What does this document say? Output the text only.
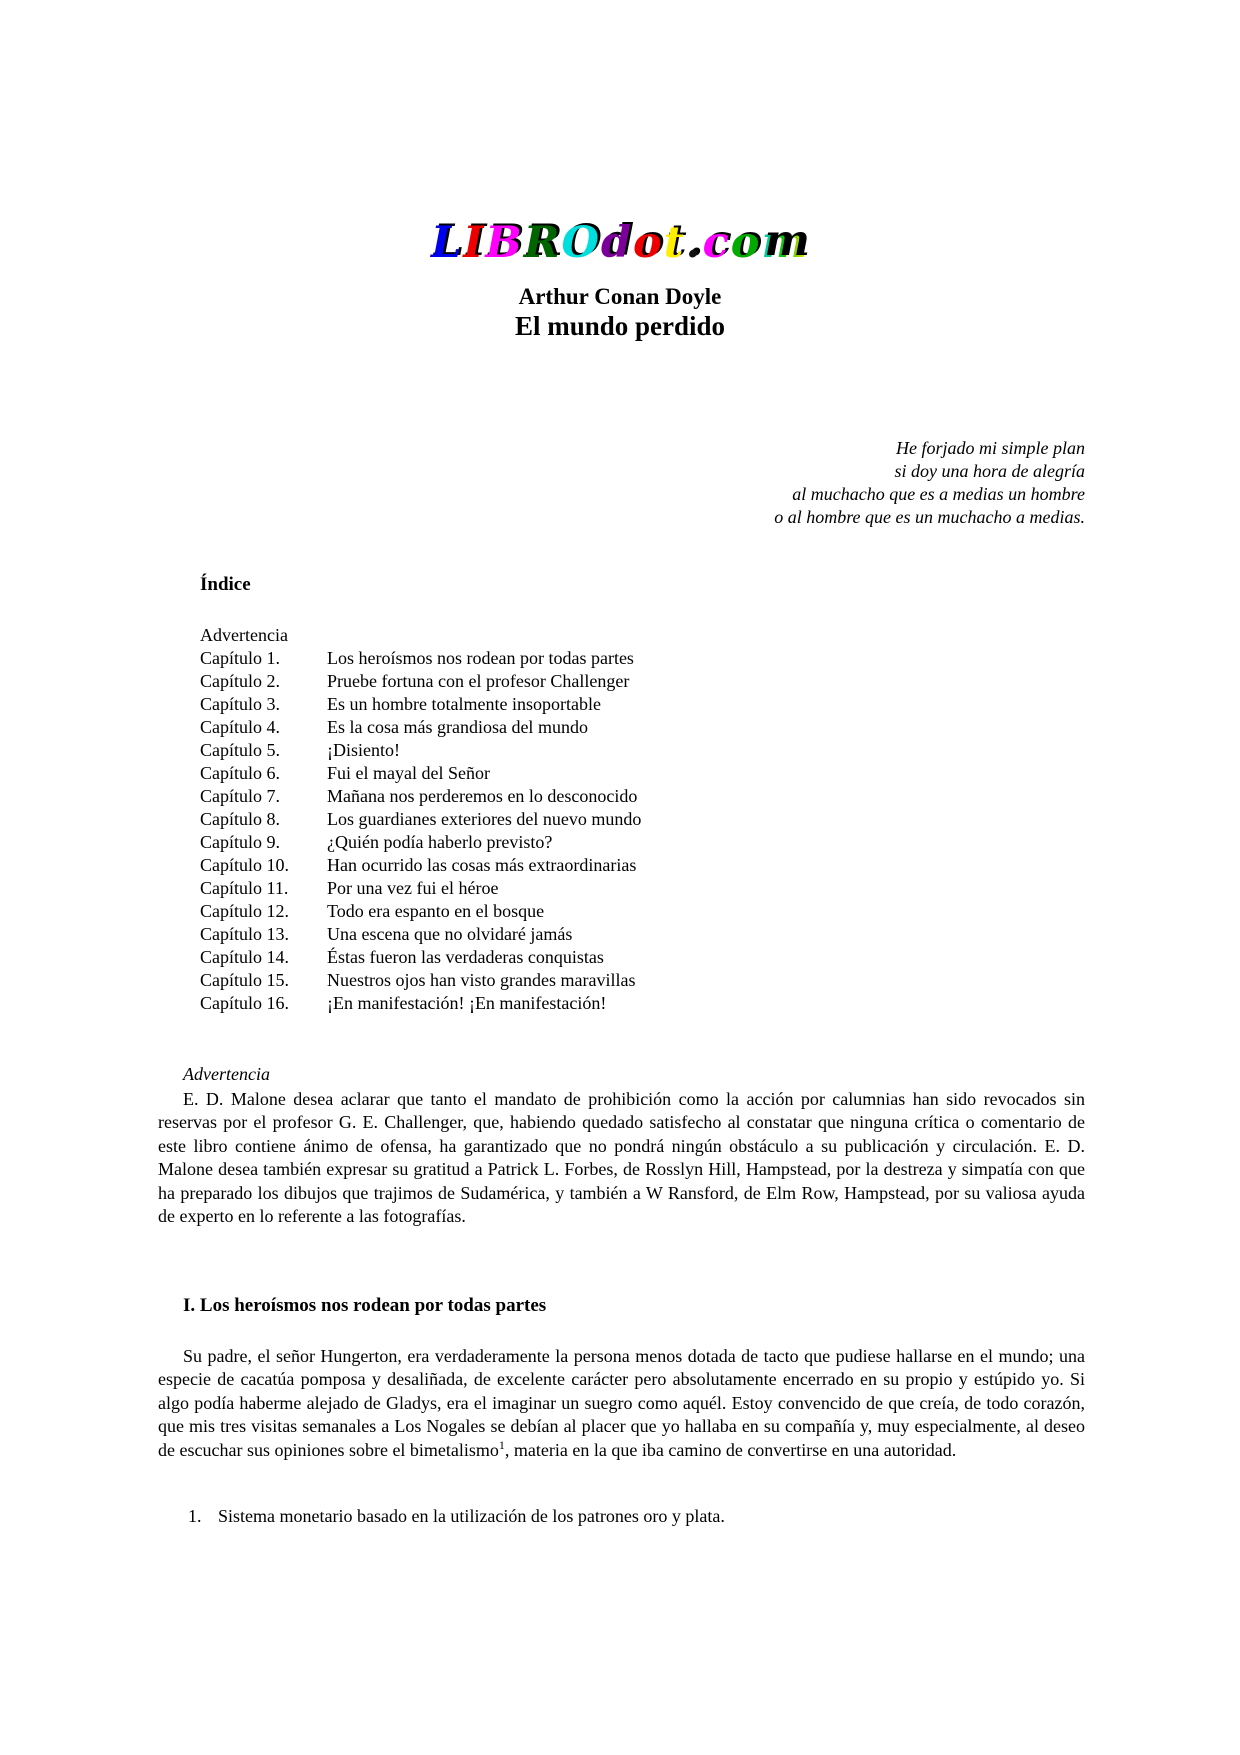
LIBROdot.com
Arthur Conan Doyle
El mundo perdido
He forjado mi simple plan
si doy una hora de alegría
al muchacho que es a medias un hombre
o al hombre que es un muchacho a medias.
Índice
Advertencia
Capítulo 1.	Los heroísmos nos rodean por todas partes
Capítulo 2.	Pruebe fortuna con el profesor Challenger
Capítulo 3.	Es un hombre totalmente insoportable
Capítulo 4.	Es la cosa más grandiosa del mundo
Capítulo 5.	¡Disiento!
Capítulo 6.	Fui el mayal del Señor
Capítulo 7.	Mañana nos perderemos en lo desconocido
Capítulo 8.	Los guardianes exteriores del nuevo mundo
Capítulo 9.	¿Quién podía haberlo previsto?
Capítulo 10. Han ocurrido las cosas más extraordinarias
Capítulo 11. Por una vez fui el héroe
Capítulo 12. Todo era espanto en el bosque
Capítulo 13. Una escena que no olvidaré jamás
Capítulo 14. Éstas fueron las verdaderas conquistas
Capítulo 15. Nuestros ojos han visto grandes maravillas
Capítulo 16. ¡En manifestación! ¡En manifestación!
Advertencia
E. D. Malone desea aclarar que tanto el mandato de prohibición como la acción por calumnias han sido revocados sin reservas por el profesor G. E. Challenger, que, habiendo quedado satisfecho al constatar que ninguna crítica o comentario de este libro contiene ánimo de ofensa, ha garantizado que no pondrá ningún obstáculo a su publicación y circulación. E. D. Malone desea también expresar su gratitud a Patrick L. Forbes, de Rosslyn Hill, Hampstead, por la destreza y simpatía con que ha preparado los dibujos que trajimos de Sudamérica, y también a W Ransford, de Elm Row, Hampstead, por su valiosa ayuda de experto en lo referente a las fotografías.
I. Los heroísmos nos rodean por todas partes
Su padre, el señor Hungerton, era verdaderamente la persona menos dotada de tacto que pudiese hallarse en el mundo; una especie de cacatúa pomposa y desaliñada, de excelente carácter pero absolutamente encerrado en su propio y estúpido yo. Si algo podía haberme alejado de Gladys, era el imaginar un suegro como aquél. Estoy convencido de que creía, de todo corazón, que mis tres visitas semanales a Los Nogales se debían al placer que yo hallaba en su compañía y, muy especialmente, al deseo de escuchar sus opiniones sobre el bimetalismo$^1$, materia en la que iba camino de convertirse en una autoridad.
1. Sistema monetario basado en la utilización de los patrones oro y plata.
